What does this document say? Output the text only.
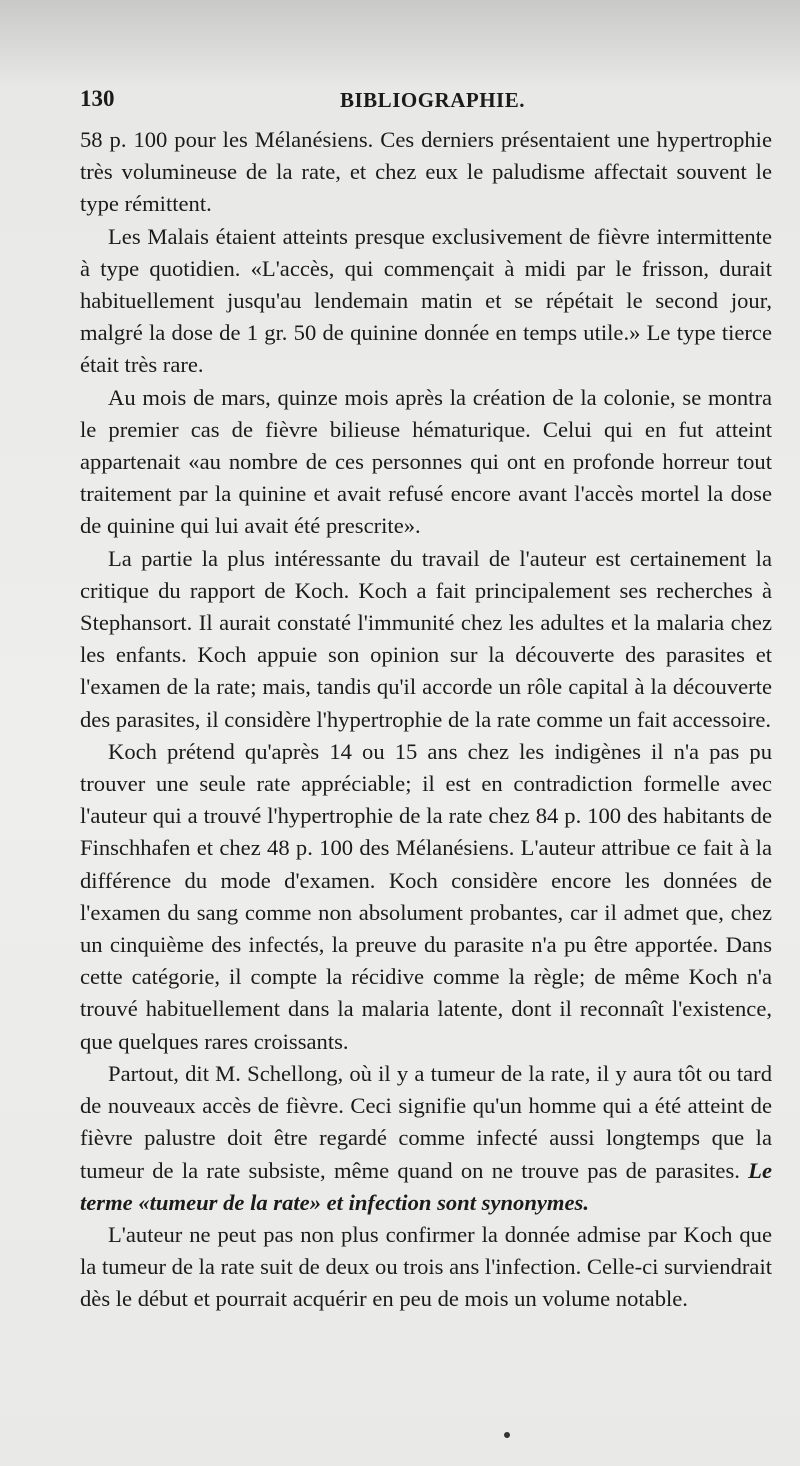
130	BIBLIOGRAPHIE.

58 p. 100 pour les Mélanésiens. Ces derniers présentaient une hypertrophie très volumineuse de la rate, et chez eux le paludisme affectait souvent le type rémittent.

Les Malais étaient atteints presque exclusivement de fièvre intermittente à type quotidien. «L'accès, qui commençait à midi par le frisson, durait habituellement jusqu'au lendemain matin et se répétait le second jour, malgré la dose de 1 gr. 50 de quinine donnée en temps utile.» Le type tierce était très rare.

Au mois de mars, quinze mois après la création de la colonie, se montra le premier cas de fièvre bilieuse hématurique. Celui qui en fut atteint appartenait «au nombre de ces personnes qui ont en profonde horreur tout traitement par la quinine et avait refusé encore avant l'accès mortel la dose de quinine qui lui avait été prescrite».

La partie la plus intéressante du travail de l'auteur est certainement la critique du rapport de Koch. Koch a fait principalement ses recherches à Stephansort. Il aurait constaté l'immunité chez les adultes et la malaria chez les enfants. Koch appuie son opinion sur la découverte des parasites et l'examen de la rate; mais, tandis qu'il accorde un rôle capital à la découverte des parasites, il considère l'hypertrophie de la rate comme un fait accessoire.

Koch prétend qu'après 14 ou 15 ans chez les indigènes il n'a pas pu trouver une seule rate appréciable; il est en contradiction formelle avec l'auteur qui a trouvé l'hypertrophie de la rate chez 84 p. 100 des habitants de Finschhafen et chez 48 p. 100 des Mélanésiens. L'auteur attribue ce fait à la différence du mode d'examen. Koch considère encore les données de l'examen du sang comme non absolument probantes, car il admet que, chez un cinquième des infectés, la preuve du parasite n'a pu être apportée. Dans cette catégorie, il compte la récidive comme la règle; de même Koch n'a trouvé habituellement dans la malaria latente, dont il reconnaît l'existence, que quelques rares croissants.

Partout, dit M. Schellong, où il y a tumeur de la rate, il y aura tôt ou tard de nouveaux accès de fièvre. Ceci signifie qu'un homme qui a été atteint de fièvre palustre doit être regardé comme infecté aussi longtemps que la tumeur de la rate subsiste, même quand on ne trouve pas de parasites. Le terme «tumeur de la rate» et infection sont synonymes.

L'auteur ne peut pas non plus confirmer la donnée admise par Koch que la tumeur de la rate suit de deux ou trois ans l'infection. Celle-ci surviendrait dès le début et pourrait acquérir en peu de mois un volume notable.
